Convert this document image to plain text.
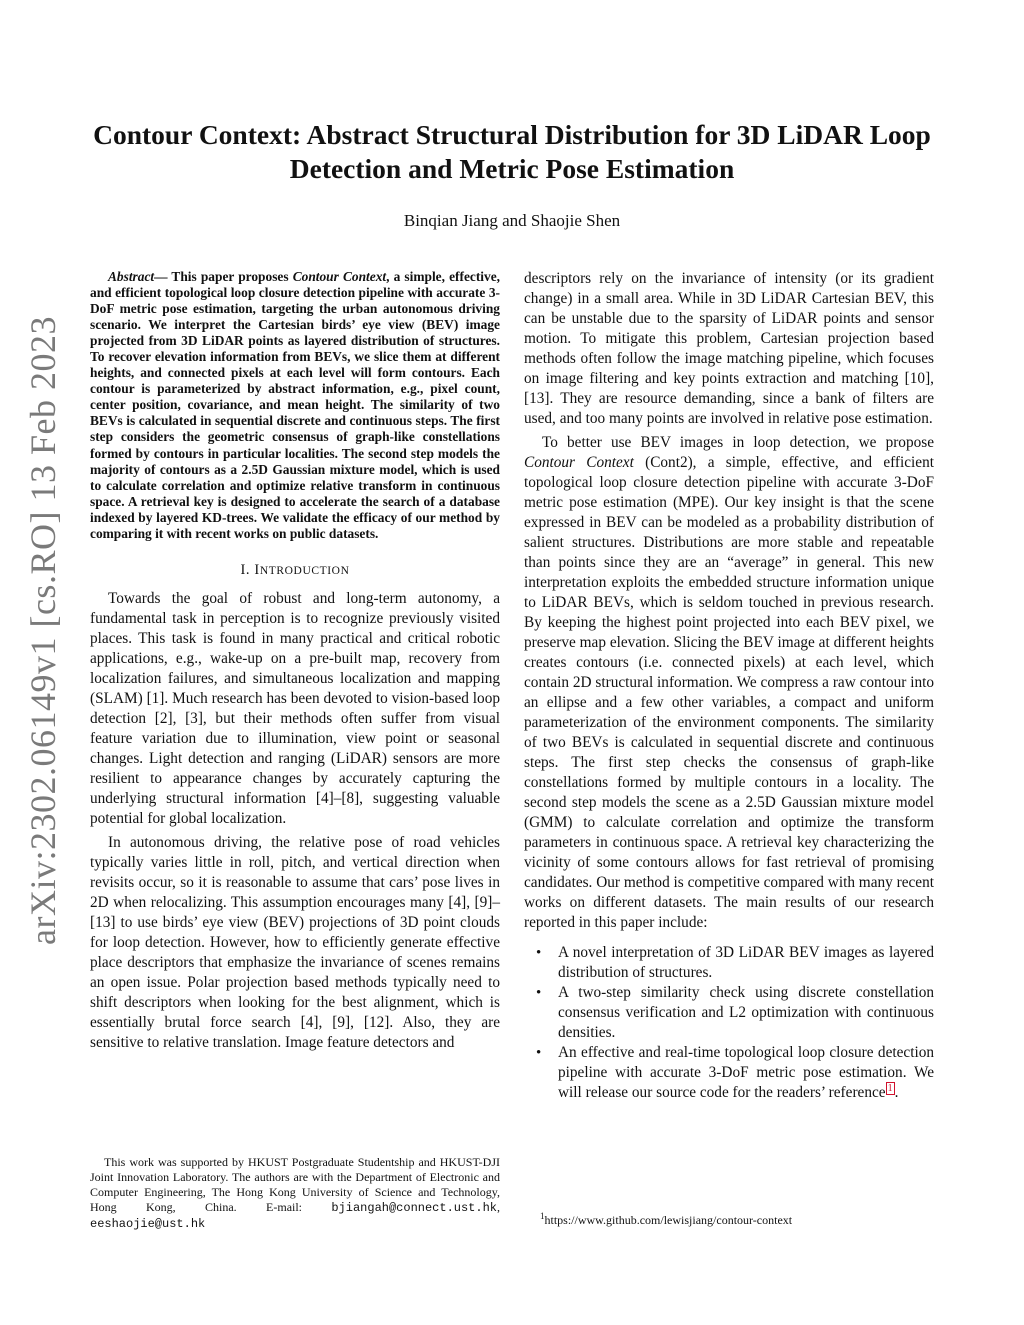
arXiv:2302.06149v1 [cs.RO] 13 Feb 2023
Contour Context: Abstract Structural Distribution for 3D LiDAR Loop
Detection and Metric Pose Estimation
Binqian Jiang and Shaojie Shen

Abstract— This paper proposes Contour Context, a simple, effective, and efficient topological loop closure detection pipeline with accurate 3-DoF metric pose estimation, targeting the urban autonomous driving scenario. We interpret the Cartesian birds’ eye view (BEV) image projected from 3D LiDAR points as layered distribution of structures. To recover elevation information from BEVs, we slice them at different heights, and connected pixels at each level will form contours. Each contour is parameterized by abstract information, e.g., pixel count, center position, covariance, and mean height. The similarity of two BEVs is calculated in sequential discrete and continuous steps. The first step considers the geometric consensus of graph-like constellations formed by contours in particular localities. The second step models the majority of contours as a 2.5D Gaussian mixture model, which is used to calculate correlation and optimize relative transform in continuous space. A retrieval key is designed to accelerate the search of a database indexed by layered KD-trees. We validate the efficacy of our method by comparing it with recent works on public datasets.

I. INTRODUCTION

Towards the goal of robust and long-term autonomy, a fundamental task in perception is to recognize previously visited places. This task is found in many practical and critical robotic applications, e.g., wake-up on a pre-built map, recovery from localization failures, and simultaneous localization and mapping (SLAM) [1]. Much research has been devoted to vision-based loop detection [2], [3], but their methods often suffer from visual feature variation due to illumination, view point or seasonal changes. Light detection and ranging (LiDAR) sensors are more resilient to appearance changes by accurately capturing the underlying structural information [4]–[8], suggesting valuable potential for global localization.

In autonomous driving, the relative pose of road vehicles typically varies little in roll, pitch, and vertical direction when revisits occur, so it is reasonable to assume that cars’ pose lives in 2D when relocalizing. This assumption encourages many [4], [9]–[13] to use birds’ eye view (BEV) projections of 3D point clouds for loop detection. However, how to efficiently generate effective place descriptors that emphasize the invariance of scenes remains an open issue. Polar projection based methods typically need to shift descriptors when looking for the best alignment, which is essentially brutal force search [4], [9], [12]. Also, they are sensitive to relative translation. Image feature detectors and

descriptors rely on the invariance of intensity (or its gradient change) in a small area. While in 3D LiDAR Cartesian BEV, this can be unstable due to the sparsity of LiDAR points and sensor motion. To mitigate this problem, Cartesian projection based methods often follow the image matching pipeline, which focuses on image filtering and key points extraction and matching [10], [13]. They are resource demanding, since a bank of filters are used, and too many points are involved in relative pose estimation.

To better use BEV images in loop detection, we propose Contour Context (Cont2), a simple, effective, and efficient topological loop closure detection pipeline with accurate 3-DoF metric pose estimation (MPE). Our key insight is that the scene expressed in BEV can be modeled as a probability distribution of salient structures. Distributions are more stable and repeatable than points since they are an “average” in general. This new interpretation exploits the embedded structure information unique to LiDAR BEVs, which is seldom touched in previous research. By keeping the highest point projected into each BEV pixel, we preserve map elevation. Slicing the BEV image at different heights creates contours (i.e. connected pixels) at each level, which contain 2D structural information. We compress a raw contour into an ellipse and a few other variables, a compact and uniform parameterization of the environment components. The similarity of two BEVs is calculated in sequential discrete and continuous steps. The first step checks the consensus of graph-like constellations formed by multiple contours in a locality. The second step models the scene as a 2.5D Gaussian mixture model (GMM) to calculate correlation and optimize the transform parameters in continuous space. A retrieval key characterizing the vicinity of some contours allows for fast retrieval of promising candidates. Our method is competitive compared with many recent works on different datasets. The main results of our research reported in this paper include:

• A novel interpretation of 3D LiDAR BEV images as layered distribution of structures.
• A two-step similarity check using discrete constellation consensus verification and L2 optimization with continuous densities.
• An effective and real-time topological loop closure detection pipeline with accurate 3-DoF metric pose estimation. We will release our source code for the readers’ reference $^1$ .
This work was supported by HKUST Postgraduate Studentship and HKUST-DJI Joint Innovation Laboratory. The authors are with the Department of Electronic and Computer Engineering, The Hong Kong University of Science and Technology, Hong Kong, China. E-mail: bjiangah@connect.ust.hk, eeshaojie@ust.hk
$^1$https://www.github.com/lewisjiang/contour-context
